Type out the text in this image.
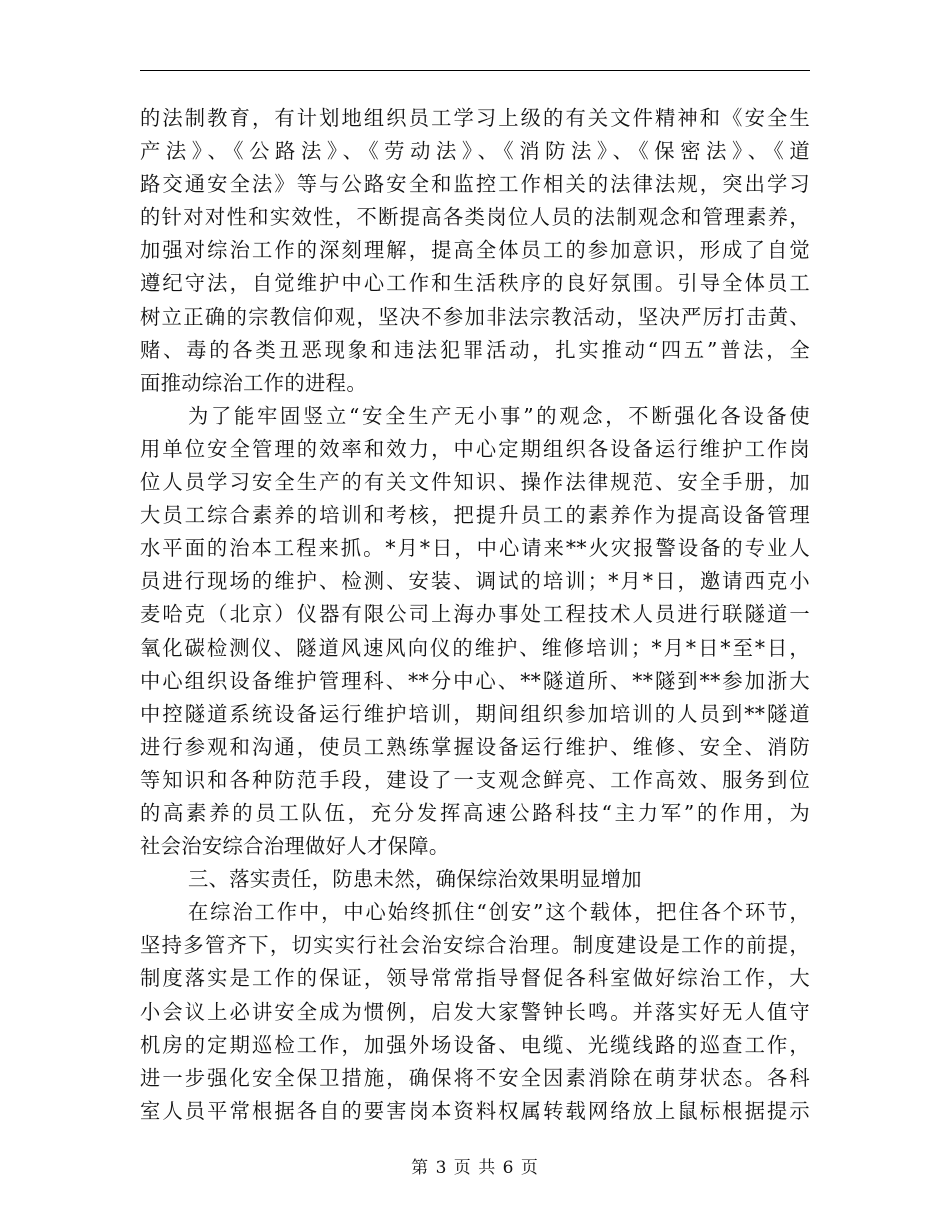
的法制教育，有计划地组织员工学习上级的有关文件精神和《安全生
产法》、《公路法》、《劳动法》、《消防法》、《保密法》、《道
路交通安全法》等与公路安全和监控工作相关的法律法规，突出学习
的针对对性和实效性，不断提高各类岗位人员的法制观念和管理素养，
加强对综治工作的深刻理解，提高全体员工的参加意识，形成了自觉
遵纪守法，自觉维护中心工作和生活秩序的良好氛围。引导全体员工
树立正确的宗教信仰观，坚决不参加非法宗教活动，坚决严厉打击黄、
赌、毒的各类丑恶现象和违法犯罪活动，扎实推动“四五”普法，全
面推动综治工作的进程。
为了能牢固竖立“安全生产无小事”的观念，不断强化各设备使
用单位安全管理的效率和效力，中心定期组织各设备运行维护工作岗
位人员学习安全生产的有关文件知识、操作法律规范、安全手册，加
大员工综合素养的培训和考核，把提升员工的素养作为提高设备管理
水平面的治本工程来抓。*月*日，中心请来**火灾报警设备的专业人
员进行现场的维护、检测、安装、调试的培训；*月*日，邀请西克小
麦哈克（北京）仪器有限公司上海办事处工程技术人员进行联隧道一
氧化碳检测仪、隧道风速风向仪的维护、维修培训；*月*日*至*日，
中心组织设备维护管理科、**分中心、**隧道所、**隧到**参加浙大
中控隧道系统设备运行维护培训，期间组织参加培训的人员到**隧道
进行参观和沟通，使员工熟练掌握设备运行维护、维修、安全、消防
等知识和各种防范手段，建设了一支观念鲜亮、工作高效、服务到位
的高素养的员工队伍，充分发挥高速公路科技“主力军”的作用，为
社会治安综合治理做好人才保障。
三、落实责任，防患未然，确保综治效果明显增加
在综治工作中，中心始终抓住“创安”这个载体，把住各个环节，
坚持多管齐下，切实实行社会治安综合治理。制度建设是工作的前提，
制度落实是工作的保证，领导常常指导督促各科室做好综治工作，大
小会议上必讲安全成为惯例，启发大家警钟长鸣。并落实好无人值守
机房的定期巡检工作，加强外场设备、电缆、光缆线路的巡查工作，
进一步强化安全保卫措施，确保将不安全因素消除在萌芽状态。各科
室人员平常根据各自的要害岗本资料权属转载网络放上鼠标根据提示
第 3 页 共 6 页
